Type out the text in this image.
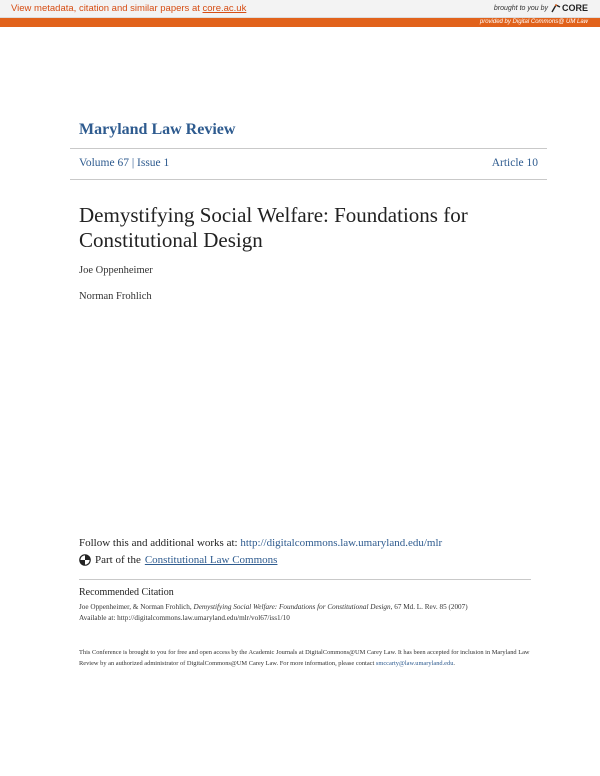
View metadata, citation and similar papers at core.ac.uk	brought to you by CORE
provided by Digital Commons@ UM Law
Maryland Law Review
Volume 67 | Issue 1	Article 10
Demystifying Social Welfare: Foundations for Constitutional Design
Joe Oppenheimer
Norman Frohlich
Follow this and additional works at: http://digitalcommons.law.umaryland.edu/mlr
Part of the Constitutional Law Commons
Recommended Citation
Joe Oppenheimer, & Norman Frohlich, Demystifying Social Welfare: Foundations for Constitutional Design, 67 Md. L. Rev. 85 (2007)
Available at: http://digitalcommons.law.umaryland.edu/mlr/vol67/iss1/10
This Conference is brought to you for free and open access by the Academic Journals at DigitalCommons@UM Carey Law. It has been accepted for inclusion in Maryland Law Review by an authorized administrator of DigitalCommons@UM Carey Law. For more information, please contact smccarty@law.umaryland.edu.
